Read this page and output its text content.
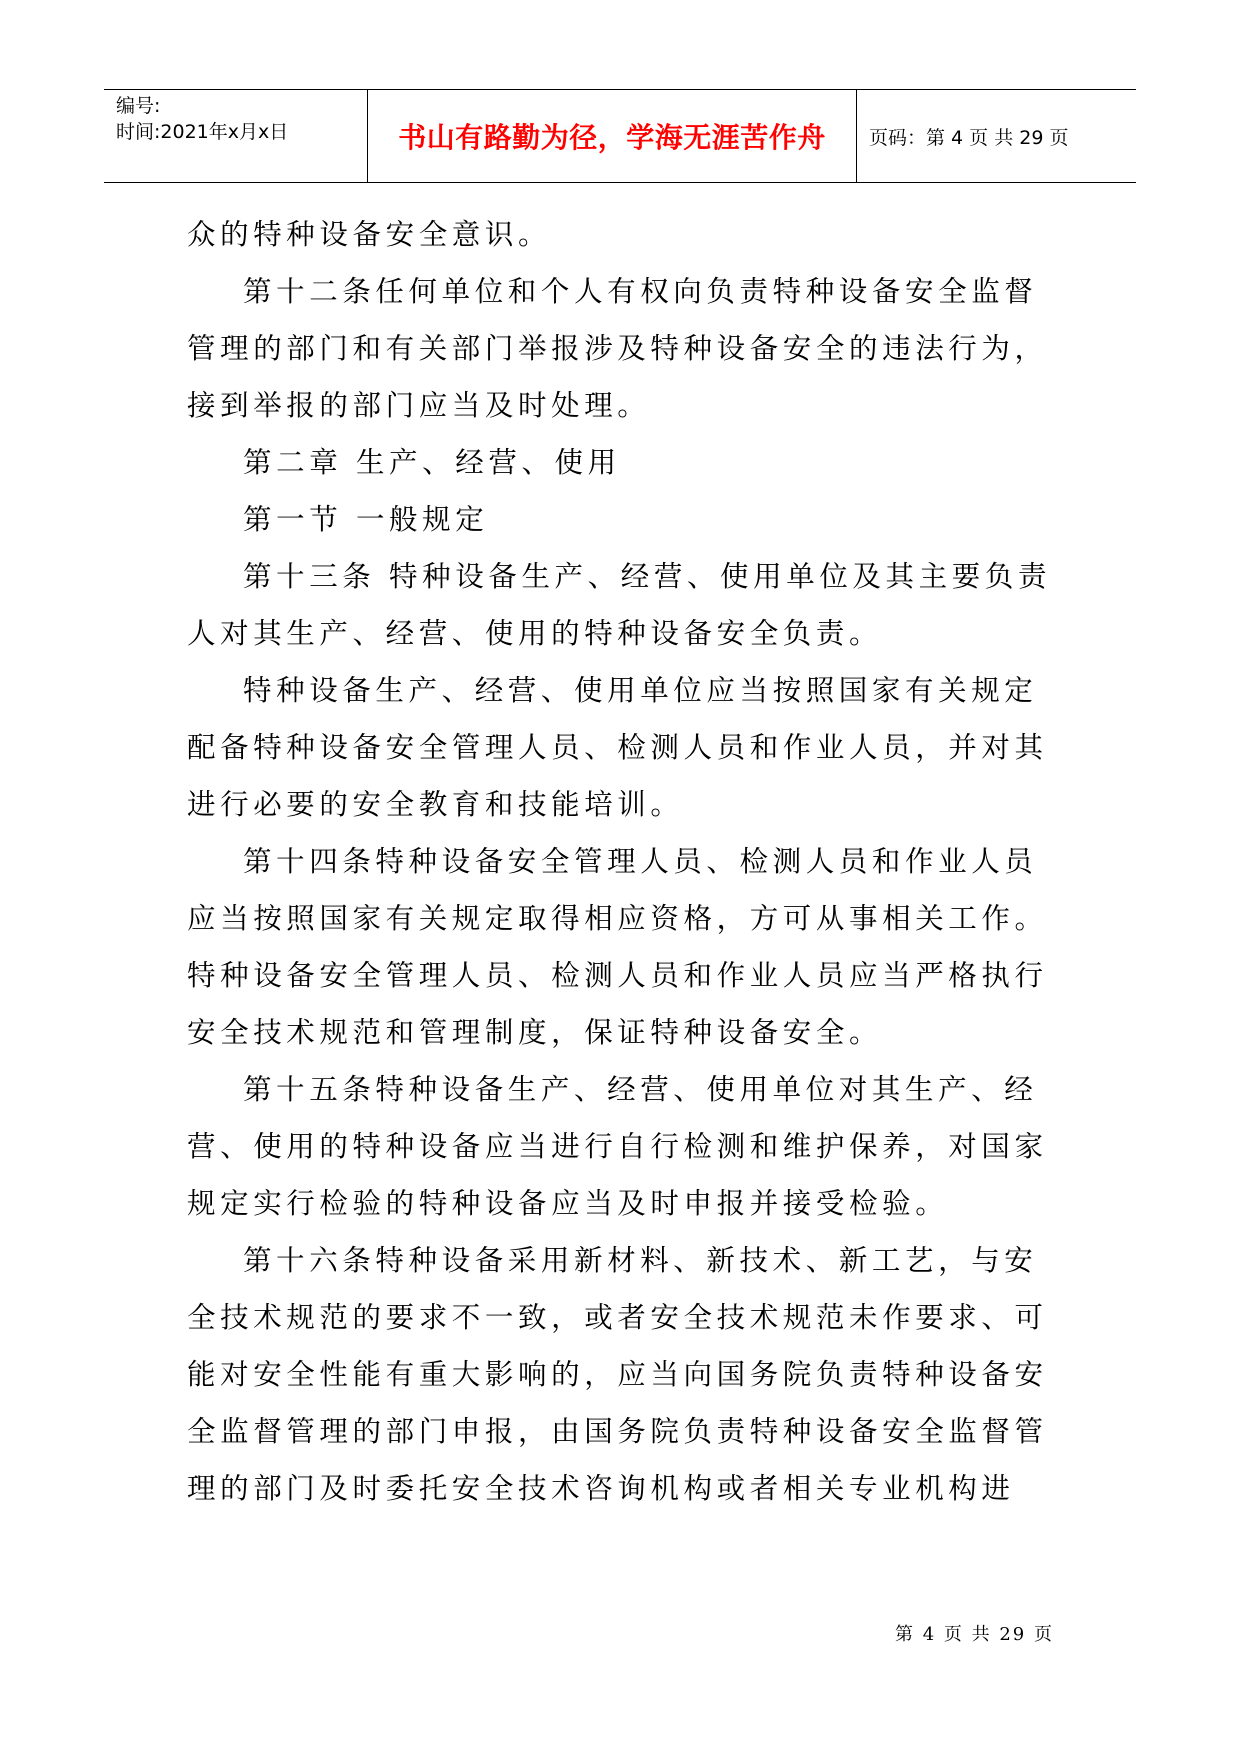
编号:
时间:2021年x月x日	书山有路勤为径，学海无涯苦作舟 页码：第 4 页 共 29 页

众的特种设备安全意识。

第十二条任何单位和个人有权向负责特种设备安全监督

管理的部门和有关部门举报涉及特种设备安全的违法行为，

接到举报的部门应当及时处理。

第二章 生产、经营、使用

第一节 一般规定

第十三条 特种设备生产、经营、使用单位及其主要负责

人对其生产、经营、使用的特种设备安全负责。

特种设备生产、经营、使用单位应当按照国家有关规定

配备特种设备安全管理人员、检测人员和作业人员，并对其

进行必要的安全教育和技能培训。

第十四条特种设备安全管理人员、检测人员和作业人员

应当按照国家有关规定取得相应资格，方可从事相关工作。

特种设备安全管理人员、检测人员和作业人员应当严格执行

安全技术规范和管理制度，保证特种设备安全。

第十五条特种设备生产、经营、使用单位对其生产、经

营、使用的特种设备应当进行自行检测和维护保养，对国家

规定实行检验的特种设备应当及时申报并接受检验。

第十六条特种设备采用新材料、新技术、新工艺，与安

全技术规范的要求不一致，或者安全技术规范未作要求、可

能对安全性能有重大影响的，应当向国务院负责特种设备安

全监督管理的部门申报，由国务院负责特种设备安全监督管

理的部门及时委托安全技术咨询机构或者相关专业机构进

第 4 页 共 29 页
